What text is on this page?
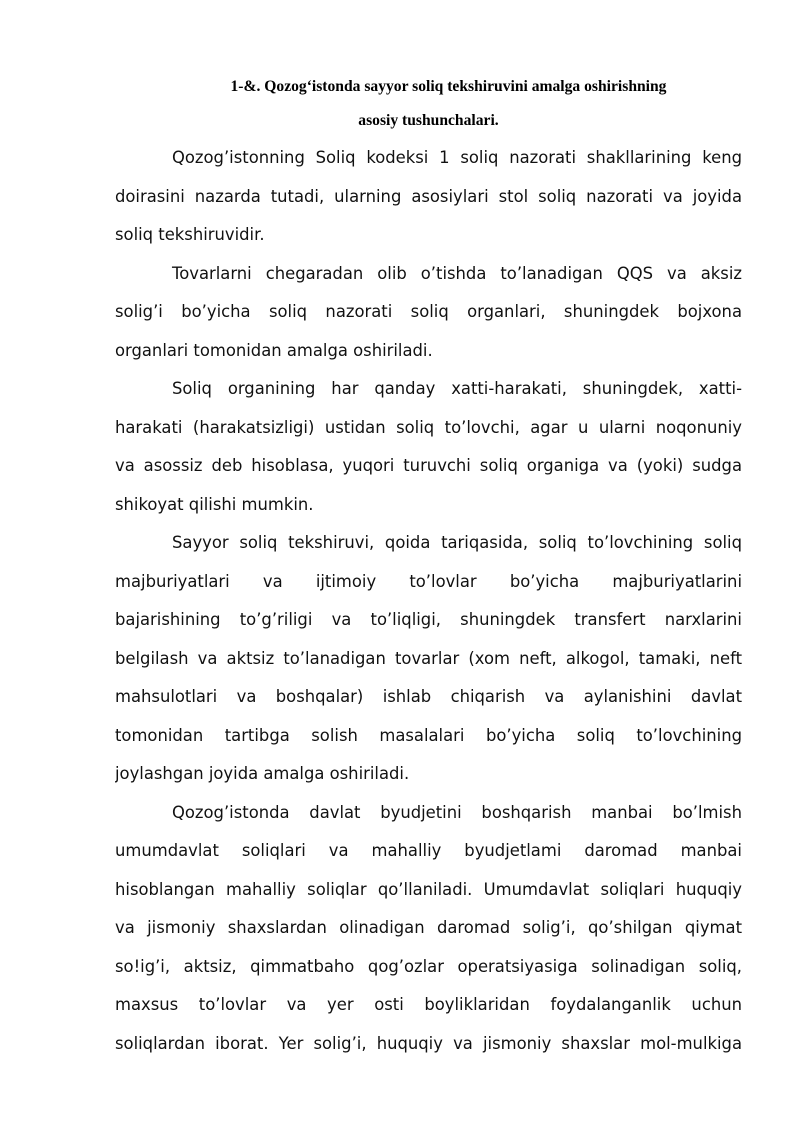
1-&. Qozog‘istonda sayyor soliq tekshiruvini amalga oshirishning
asosiy tushunchalari.
Qozog’istonning Soliq kodeksi 1 soliq nazorati shakllarining keng
doirasini nazarda tutadi, ularning asosiylari stol soliq nazorati va joyida
soliq tekshiruvidir.
Tovarlarni chegaradan olib o’tishda to’lanadigan QQS va aksiz
solig’i bo’yicha soliq nazorati soliq organlari, shuningdek bojxona
organlari tomonidan amalga oshiriladi.
Soliq organining har qanday xatti-harakati, shuningdek, xatti-
harakati (harakatsizligi) ustidan soliq to’lovchi, agar u ularni noqonuniy
va asossiz deb hisoblasa, yuqori turuvchi soliq organiga va (yoki) sudga
shikoyat qilishi mumkin.
Sayyor soliq tekshiruvi, qoida tariqasida, soliq to’lovchining soliq
majburiyatlari va ijtimoiy to’lovlar bo’yicha majburiyatlarini
bajarishining to’g’riligi va to’liqligi, shuningdek transfert narxlarini
belgilash va aktsiz to’lanadigan tovarlar (xom neft, alkogol, tamaki, neft
mahsulotlari va boshqalar) ishlab chiqarish va aylanishini davlat
tomonidan tartibga solish masalalari bo’yicha soliq to’lovchining
joylashgan joyida amalga oshiriladi.
Qozog’istonda davlat byudjetini boshqarish manbai bo’lmish
umumdavlat soliqlari va mahalliy byudjetlami daromad manbai
hisoblangan mahalliy soliqlar qo’llaniladi. Umumdavlat soliqlari huquqiy
va jismoniy shaxslardan olinadigan daromad solig’i, qo’shilgan qiymat
so!ig’i, aktsiz, qimmatbaho qog’ozlar operatsiyasiga solinadigan soliq,
maxsus to’lovlar va yer osti boyliklaridan foydalanganlik uchun
soliqlardan iborat. Yer solig’i, huquqiy va jismoniy shaxslar mol-mulkiga
